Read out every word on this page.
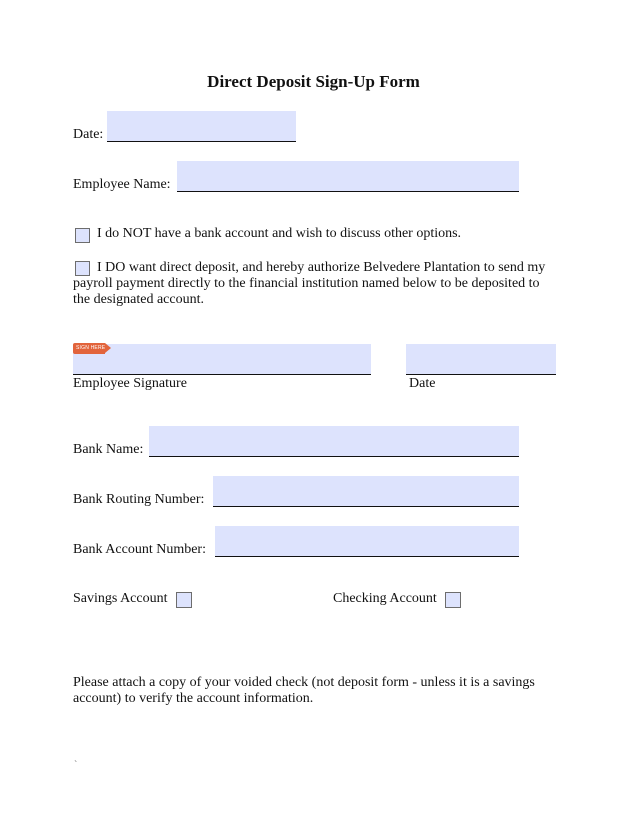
Direct Deposit Sign-Up Form
Date:
Employee Name:
I do NOT have a bank account and wish to discuss other options.
I DO want direct deposit, and hereby authorize Belvedere Plantation to send my payroll payment directly to the financial institution named below to be deposited to the designated account.
SIGN HERE
Employee Signature	Date
Bank Name:
Bank Routing Number:
Bank Account Number:
Savings Account	Checking Account
Please attach a copy of your voided check (not deposit form - unless it is a savings account) to verify the account information.
`
